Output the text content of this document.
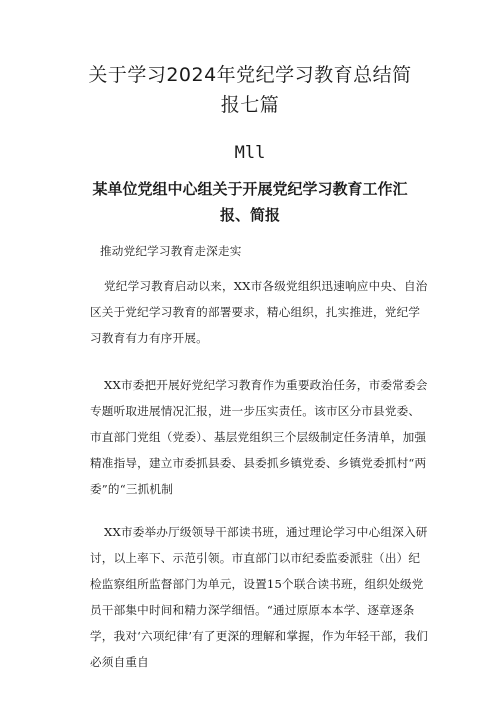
关于学习2024年党纪学习教育总结简报七篇

Mll

某单位党组中心组关于开展党纪学习教育工作汇报、简报

推动党纪学习教育走深走实

党纪学习教育启动以来，XX市各级党组织迅速响应中央、自治区关于党纪学习教育的部署要求，精心组织，扎实推进，党纪学习教育有力有序开展。

XX市委把开展好党纪学习教育作为重要政治任务，市委常委会专题听取进展情况汇报，进一步压实责任。该市区分市县党委、市直部门党组（党委）、基层党组织三个层级制定任务清单，加强精准指导，建立市委抓县委、县委抓乡镇党委、乡镇党委抓村“两委”的“三抓机制

XX市委举办厅级领导干部读书班，通过理论学习中心组深入研讨，以上率下、示范引领。市直部门以市纪委监委派驻（出）纪检监察组所监督部门为单元，设置15个联合读书班，组织处级党员干部集中时间和精力深学细悟。“通过原原本本学、逐章逐条学，我对‘六项纪律’有了更深的理解和掌握，作为年轻干部，我们必须自重自
